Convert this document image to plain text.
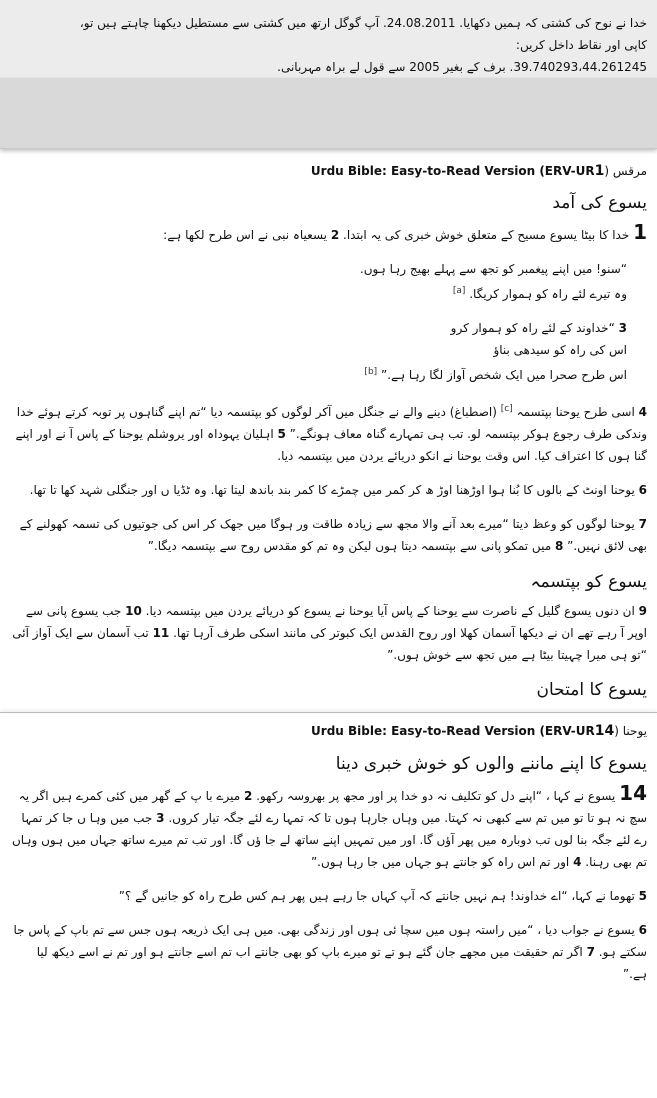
خدا نے نوح کی کشتی کہ ہمیں دکھایا. 24.08.2011. آپ گوگل ارتھ میں کشتی سے مستطیل دیکھنا چاہتے ہیں تو،

کاپی اور نقاط داخل کریں:

39.740293،44.261245. برف کے بغیر 2005 سے قول لے براہ مہربانی.

مرقس Urdu Bible: Easy-to-Read Version (ERV-UR1)
یسوع کی آمد

1 خدا کا بیٹا یسوع مسیح کے متعلق خوش خبری کی یہ ابتدا. 2 یسعیاہ نبی نے اس طرح لکھا ہے:

“سنو! میں اپنے پیغمبر کو تجھ سے پہلے بھیج رہا ہوں.
وہ تیرے لئے راہ کو ہموار کریگا. [a]
3 “خداوند کے لئے راہ کو ہموار کرو
اس کی راہ کو سیدھی بناؤ
اس طرح صحرا میں ایک شخص آواز لگا رہا ہے.” [b]

4 اسی طرح یوحنا بپتسمہ [c] (اصطباغ) دینے والے نے جنگل میں آکر لوگوں کو بپتسمہ دیا “تم اپنے گناہوں پر توبہ کرتے ہوئے خدا وندکی طرف رجوع ہوکر بپتسمہ لو. تب ہی تمہارے گناہ معاف ہونگے.” 5 اہلیان یہوداہ اور یروشلم یوحنا کے پاس آ نے اور اپنے گنا ہوں کا اعتراف کیا. اس وقت یوحنا نے انکو دریائے یردن میں بپتسمہ دیا.

6 یوحنا اونٹ کے بالوں کا بُنا ہوا اوڑھنا اوڑ ھ کر کمر میں چمڑے کا کمر بند باندھ لیتا تھا. وہ ٹڈیا ں اور جنگلی شہد کھا تا تھا.

7 یوحنا لوگوں کو وعظ دیتا “میرے بعد آنے والا مجھ سے زیادہ طاقت ور ہوگا میں جھک کر اس کی جوتیوں کی تسمہ کھولنے کے بھی لائق نہیں.” 8 میں تمکو پانی سے بپتسمہ دیتا ہوں لیکن وہ تم کو مقدس روح سے بپتسمہ دیگا.”

یسوع کو بپتسمہ

9 ان دنوں یسوع گلیل کے ناصرت سے یوحنا کے پاس آیا یوحنا نے یسوع کو دریائے یردن میں بپتسمہ دیا. 10 جب یسوع پانی سے اوپر آ رہے تھے ان نے دیکھا آسمان کھلا اور روح القدس ایک کبوتر کی مانند اسکی طرف آرہا تھا. 11 تب آسمان سے ایک آواز آئی “تو ہی میرا چہیتا بیٹا ہے میں تجھ سے خوش ہوں.”

یسوع کا امتحان
یوحنا Urdu Bible: Easy-to-Read Version (ERV-UR14)
یسوع کا اپنے ماننے والوں کو خوش خبری دینا

14 یسوع نے کہا ، “اپنے دل کو تکلیف نہ دو خدا پر اور مجھ پر بھروسہ رکھو. 2 میرے با پ کے گھر میں کئی کمرے ہیں اگر یہ سچ نہ ہو تا تو میں تم سے کبھی نہ کہتا. میں وہاں جارہا ہوں تا کہ تمہا رے لئے جگہ تیار کروں. 3 جب میں وہا ں جا کر تمہا رے لئے جگہ بنا لوں تب دوبارہ میں پھر آؤں گا. اور میں تمہیں اپنے ساتھ لے جا ؤں گا. اور تب تم میرے ساتھ جہاں میں ہوں وہاں تم بھی رہنا. 4 اور تم اس راہ کو جانتے ہو جہاں میں جا رہا ہوں.”

5 تھوما نے کہا، “اے خداوند! ہم نہیں جانتے کہ آپ کہاں جا رہے ہیں پھر ہم کس طرح راہ کو جانیں گے ؟”

6 یسوع نے جواب دیا ، “میں راستہ ہوں میں سچا ئی ہوں اور زندگی بھی. میں ہی ایک ذریعہ ہوں جس سے تم باپ کے پاس جا سکتے ہو. 7 اگر تم حقیقت میں مجھے جان گئے ہو تے تو میرے باپ کو بھی جانتے اب تم اسے جانتے ہو اور تم نے اسے دیکھ لیا ہے.”
